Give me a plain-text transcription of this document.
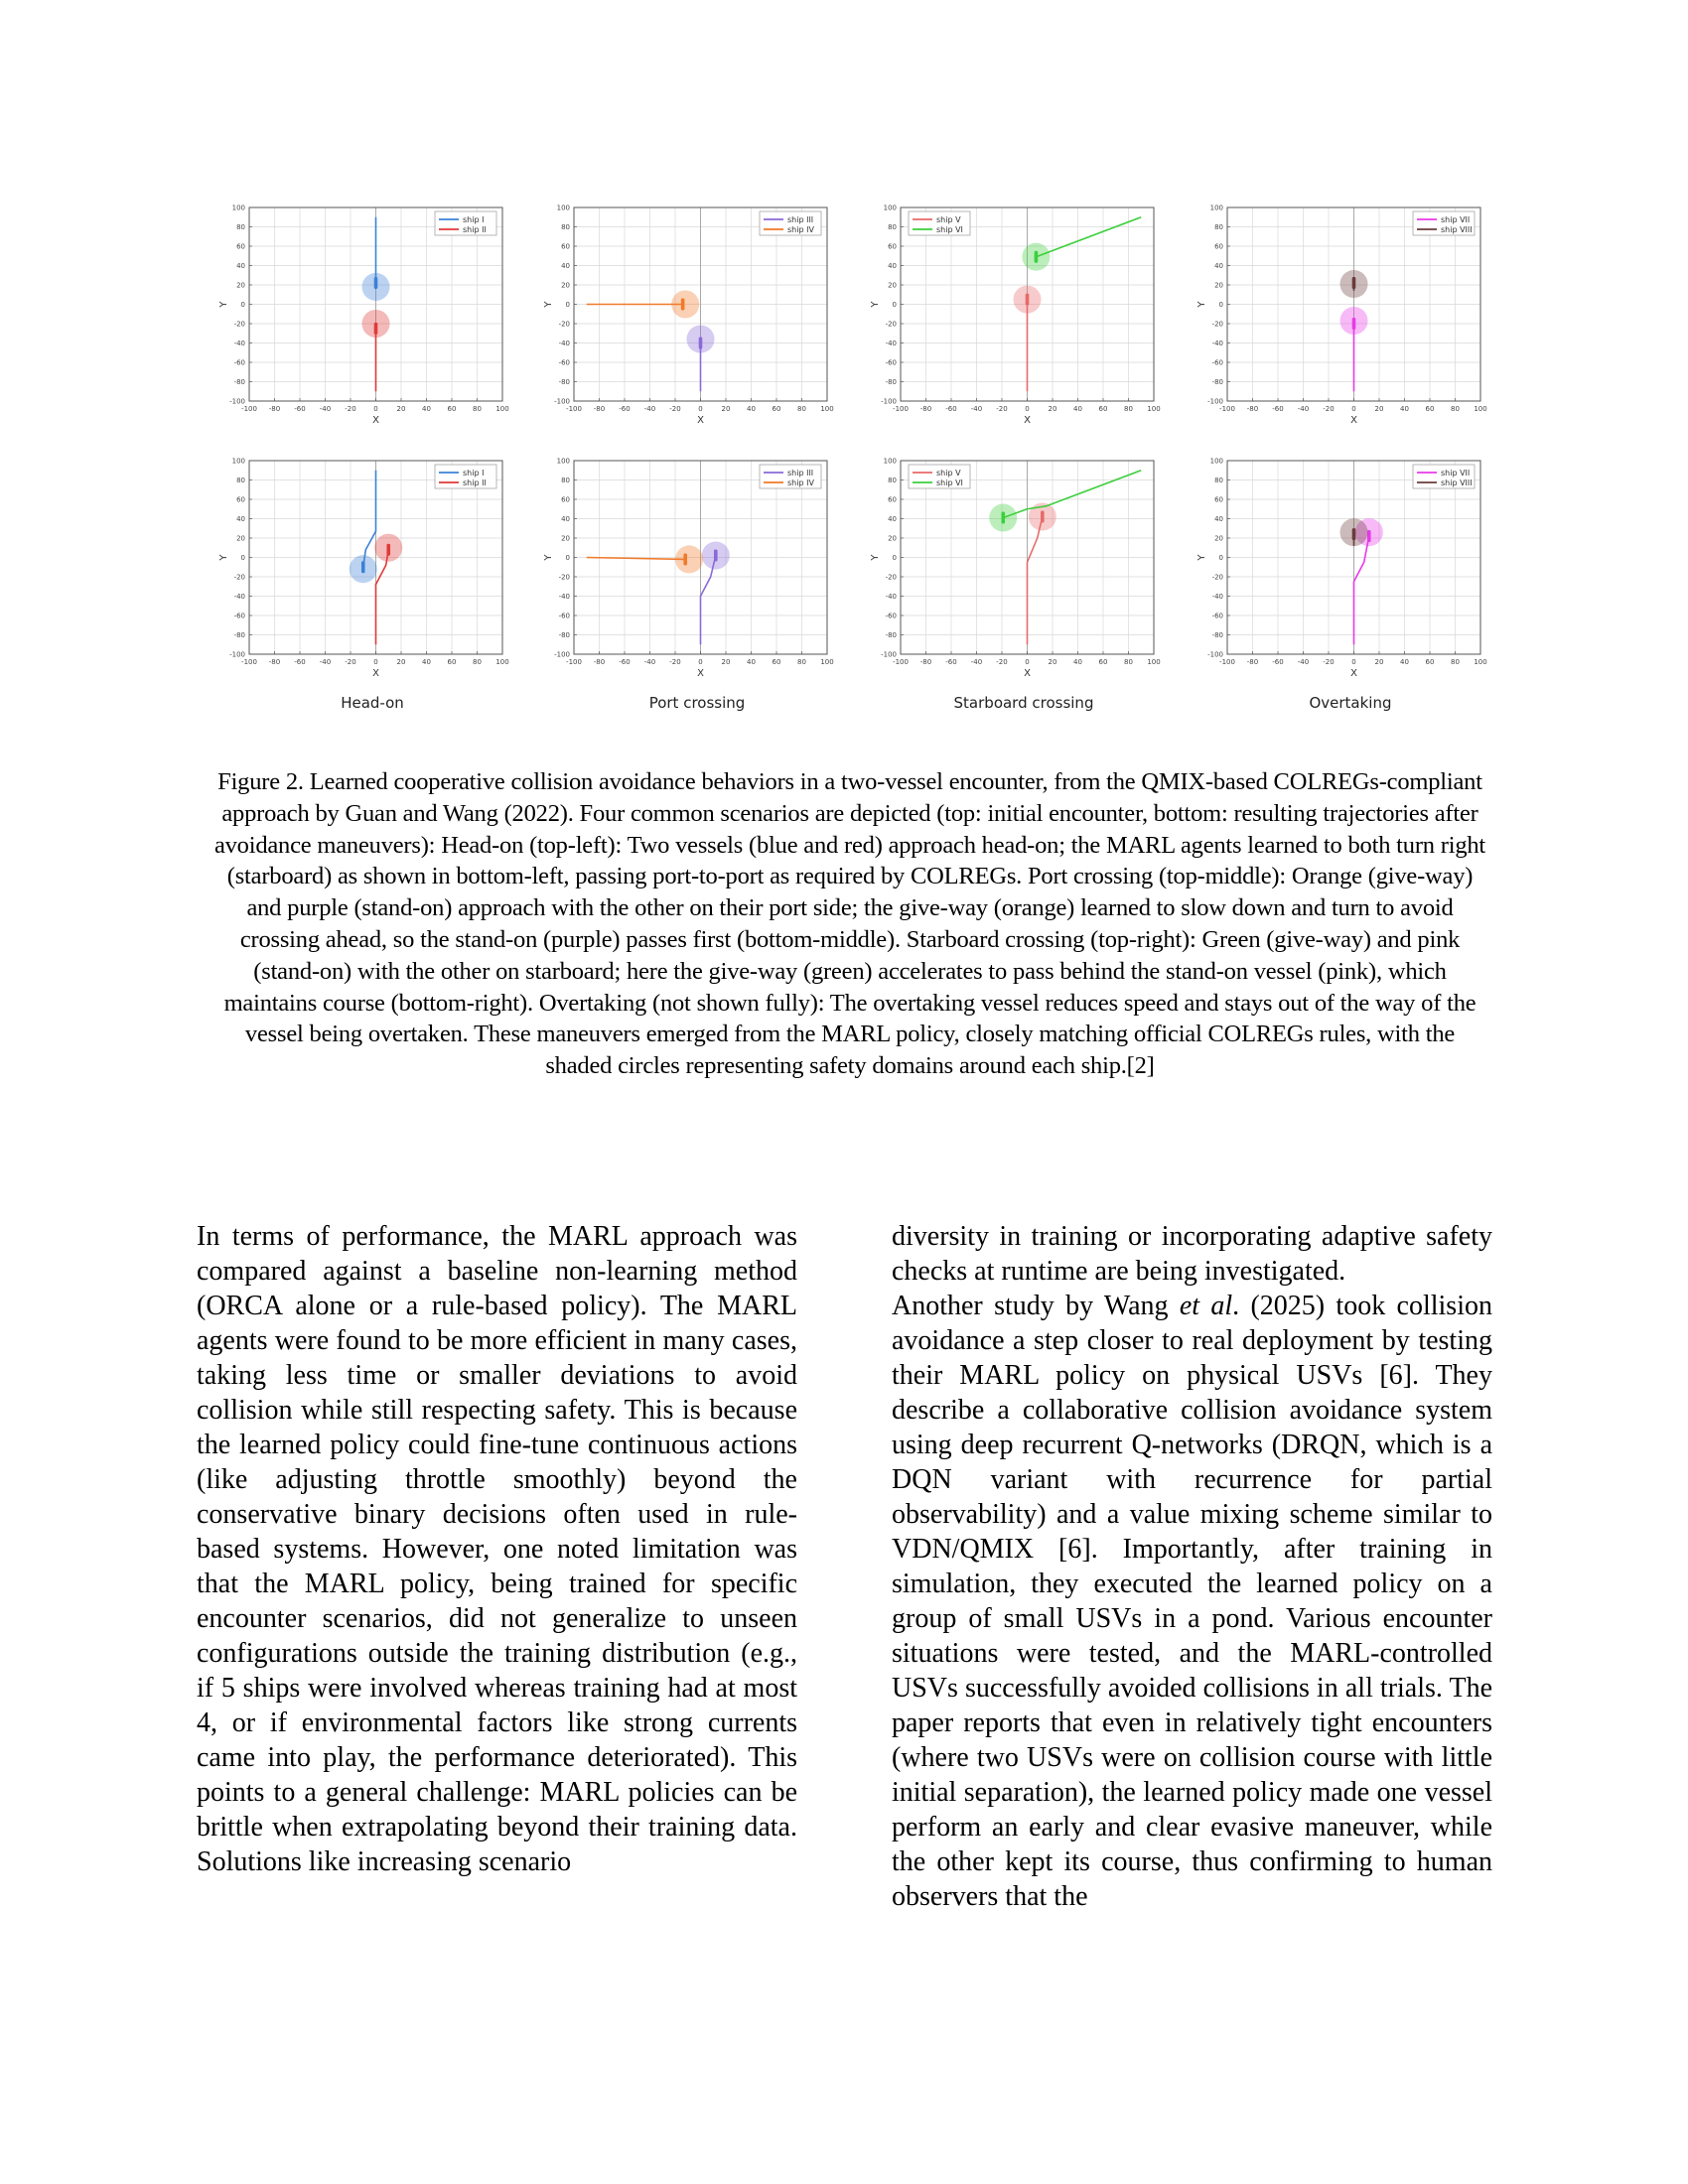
-100
-100
-80
-80
-60
-60
-40
-40
-20
-20
0
0
20
20
40
40
60
60
80
80
100
100
X
Y
ship I
ship II
-100
-100
-80
-80
-60
-60
-40
-40
-20
-20
0
0
20
20
40
40
60
60
80
80
100
100
X
Y
ship III
ship IV
-100
-100
-80
-80
-60
-60
-40
-40
-20
-20
0
0
20
20
40
40
60
60
80
80
100
100
X
Y
ship V
ship VI
-100
-100
-80
-80
-60
-60
-40
-40
-20
-20
0
0
20
20
40
40
60
60
80
80
100
100
X
Y
ship VII
ship VIII
-100
-100
-80
-80
-60
-60
-40
-40
-20
-20
0
0
20
20
40
40
60
60
80
80
100
100
X
Y
ship I
ship II
-100
-100
-80
-80
-60
-60
-40
-40
-20
-20
0
0
20
20
40
40
60
60
80
80
100
100
X
Y
ship III
ship IV
-100
-100
-80
-80
-60
-60
-40
-40
-20
-20
0
0
20
20
40
40
60
60
80
80
100
100
X
Y
ship V
ship VI
-100
-100
-80
-80
-60
-60
-40
-40
-20
-20
0
0
20
20
40
40
60
60
80
80
100
100
X
Y
ship VII
ship VIII
Head-on	Port crossing	Starboard crossing	Overtaking
Figure 2. Learned cooperative collision avoidance behaviors in a two-vessel encounter, from the QMIX-based COLREGs-compliant approach by Guan and Wang (2022). Four common scenarios are depicted (top: initial encounter, bottom: resulting trajectories after avoidance maneuvers): Head-on (top-left): Two vessels (blue and red) approach head-on; the MARL agents learned to both turn right (starboard) as shown in bottom-left, passing port-to-port as required by COLREGs. Port crossing (top-middle): Orange (give-way) and purple (stand-on) approach with the other on their port side; the give-way (orange) learned to slow down and turn to avoid crossing ahead, so the stand-on (purple) passes first (bottom-middle). Starboard crossing (top-right): Green (give-way) and pink (stand-on) with the other on starboard; here the give-way (green) accelerates to pass behind the stand-on vessel (pink), which maintains course (bottom-right). Overtaking (not shown fully): The overtaking vessel reduces speed and stays out of the way of the vessel being overtaken. These maneuvers emerged from the MARL policy, closely matching official COLREGs rules, with the shaded circles representing safety domains around each ship.[2]

In terms of performance, the MARL approach was compared against a baseline non-learning method (ORCA alone or a rule-based policy). The MARL agents were found to be more efficient in many cases, taking less time or smaller deviations to avoid collision while still respecting safety. This is because the learned policy could fine-tune continuous actions (like adjusting throttle smoothly) beyond the conservative binary decisions often used in rule-based systems. However, one noted limitation was that the MARL policy, being trained for specific encounter scenarios, did not generalize to unseen configurations outside the training distribution (e.g., if 5 ships were involved whereas training had at most 4, or if environmental factors like strong currents came into play, the performance deteriorated). This points to a general challenge: MARL policies can be brittle when extrapolating beyond their training data. Solutions like increasing scenario

diversity in training or incorporating adaptive safety checks at runtime are being investigated.

Another study by Wang et al. (2025) took collision avoidance a step closer to real deployment by testing their MARL policy on physical USVs [6]. They describe a collaborative collision avoidance system using deep recurrent Q-networks (DRQN, which is a DQN variant with recurrence for partial observability) and a value mixing scheme similar to VDN/QMIX [6]. Importantly, after training in simulation, they executed the learned policy on a group of small USVs in a pond. Various encounter situations were tested, and the MARL-controlled USVs successfully avoided collisions in all trials. The paper reports that even in relatively tight encounters (where two USVs were on collision course with little initial separation), the learned policy made one vessel perform an early and clear evasive maneuver, while the other kept its course, thus confirming to human observers that the
